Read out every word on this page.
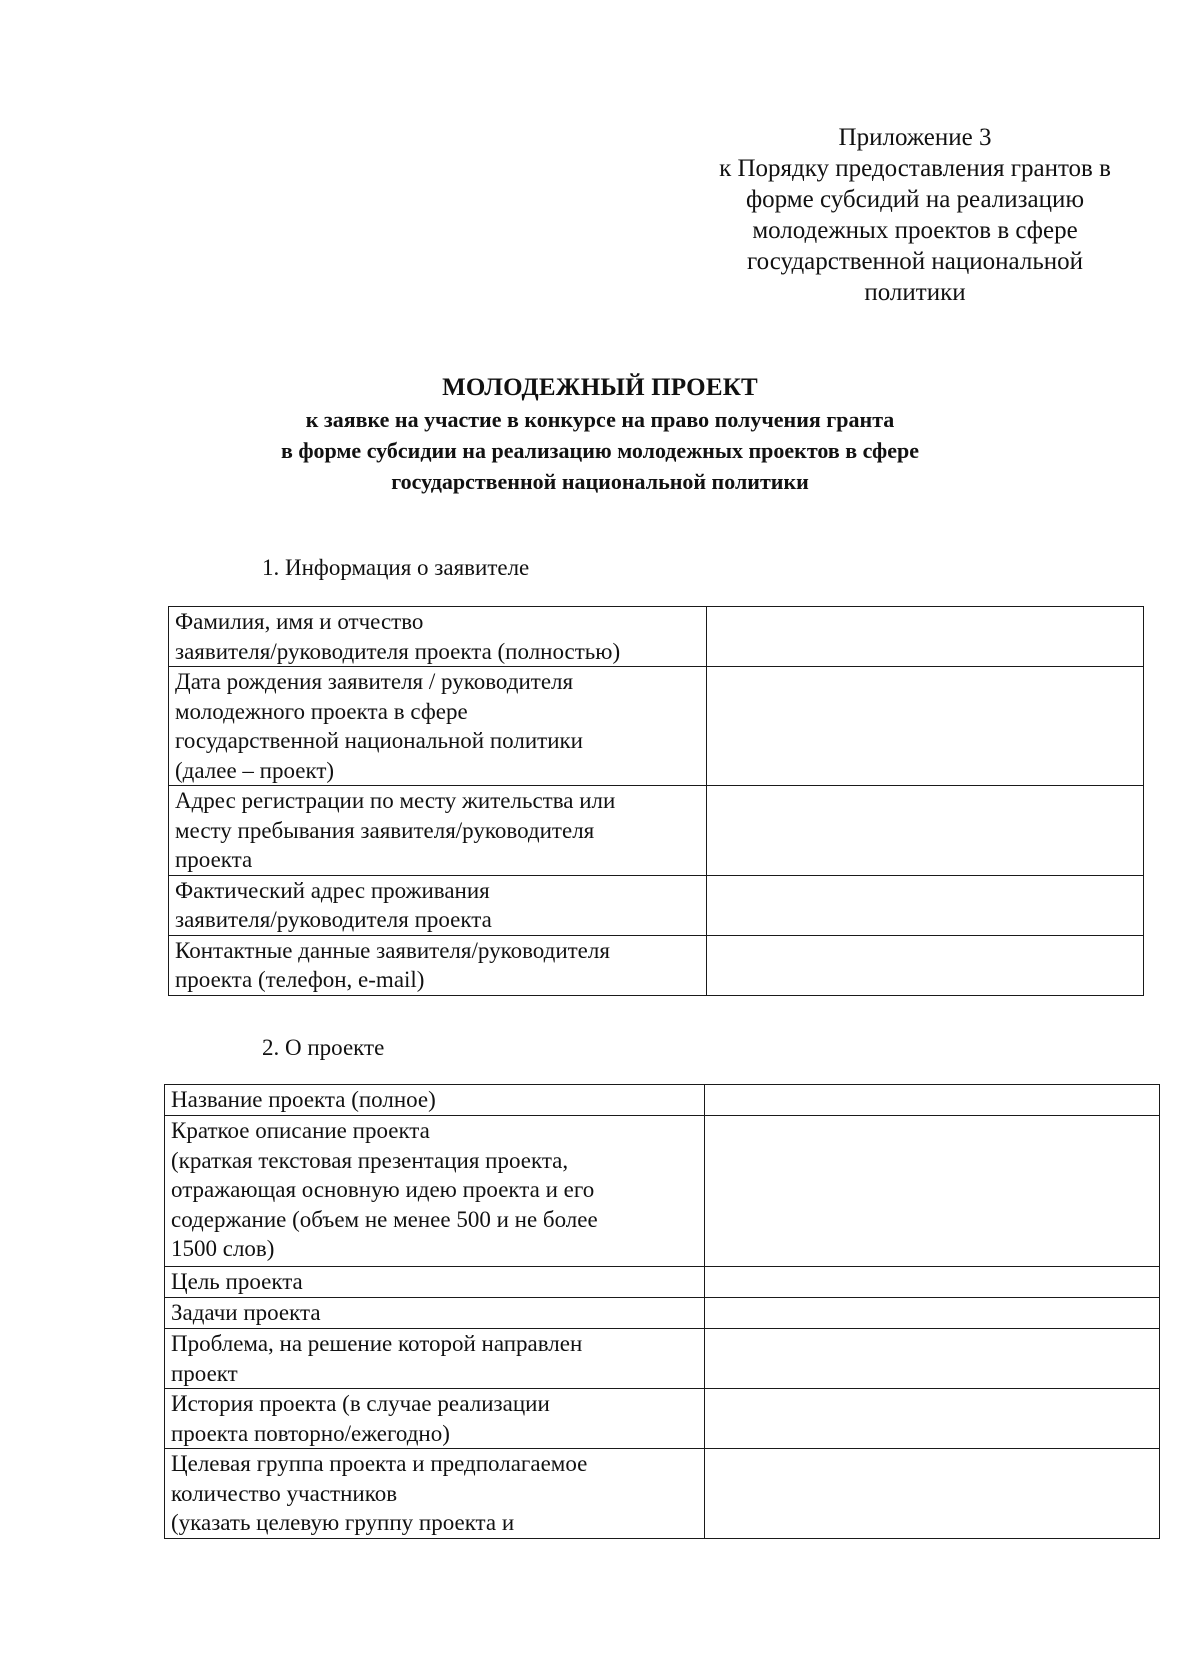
Приложение 3
к Порядку предоставления грантов в
форме субсидий на реализацию
молодежных проектов в сфере
государственной национальной
политики
МОЛОДЕЖНЫЙ ПРОЕКТ
к заявке на участие в конкурсе на право получения гранта
в форме субсидии на реализацию молодежных проектов в сфере
государственной национальной политики
1. Информация о заявителе
Фамилия, имя и отчество
заявителя/руководителя проекта (полностью)	

Дата рождения заявителя / руководителя
молодежного проекта в сфере
государственной национальной политики
(далее – проект)	

Адрес регистрации по месту жительства или
месту пребывания заявителя/руководителя
проекта	

Фактический адрес проживания
заявителя/руководителя проекта	

Контактные данные заявителя/руководителя
проекта (телефон, e-mail)	

2. О проекте
Название проекта (полное)	

Краткое описание проекта
(краткая текстовая презентация проекта,
отражающая основную идею проекта и его
содержание (объем не менее 500 и не более
1500 слов)	

Цель проекта	

Задачи проекта	

Проблема, на решение которой направлен
проект	

История проекта (в случае реализации
проекта повторно/ежегодно)	

Целевая группа проекта и предполагаемое
количество участников
(указать целевую группу проекта и	
